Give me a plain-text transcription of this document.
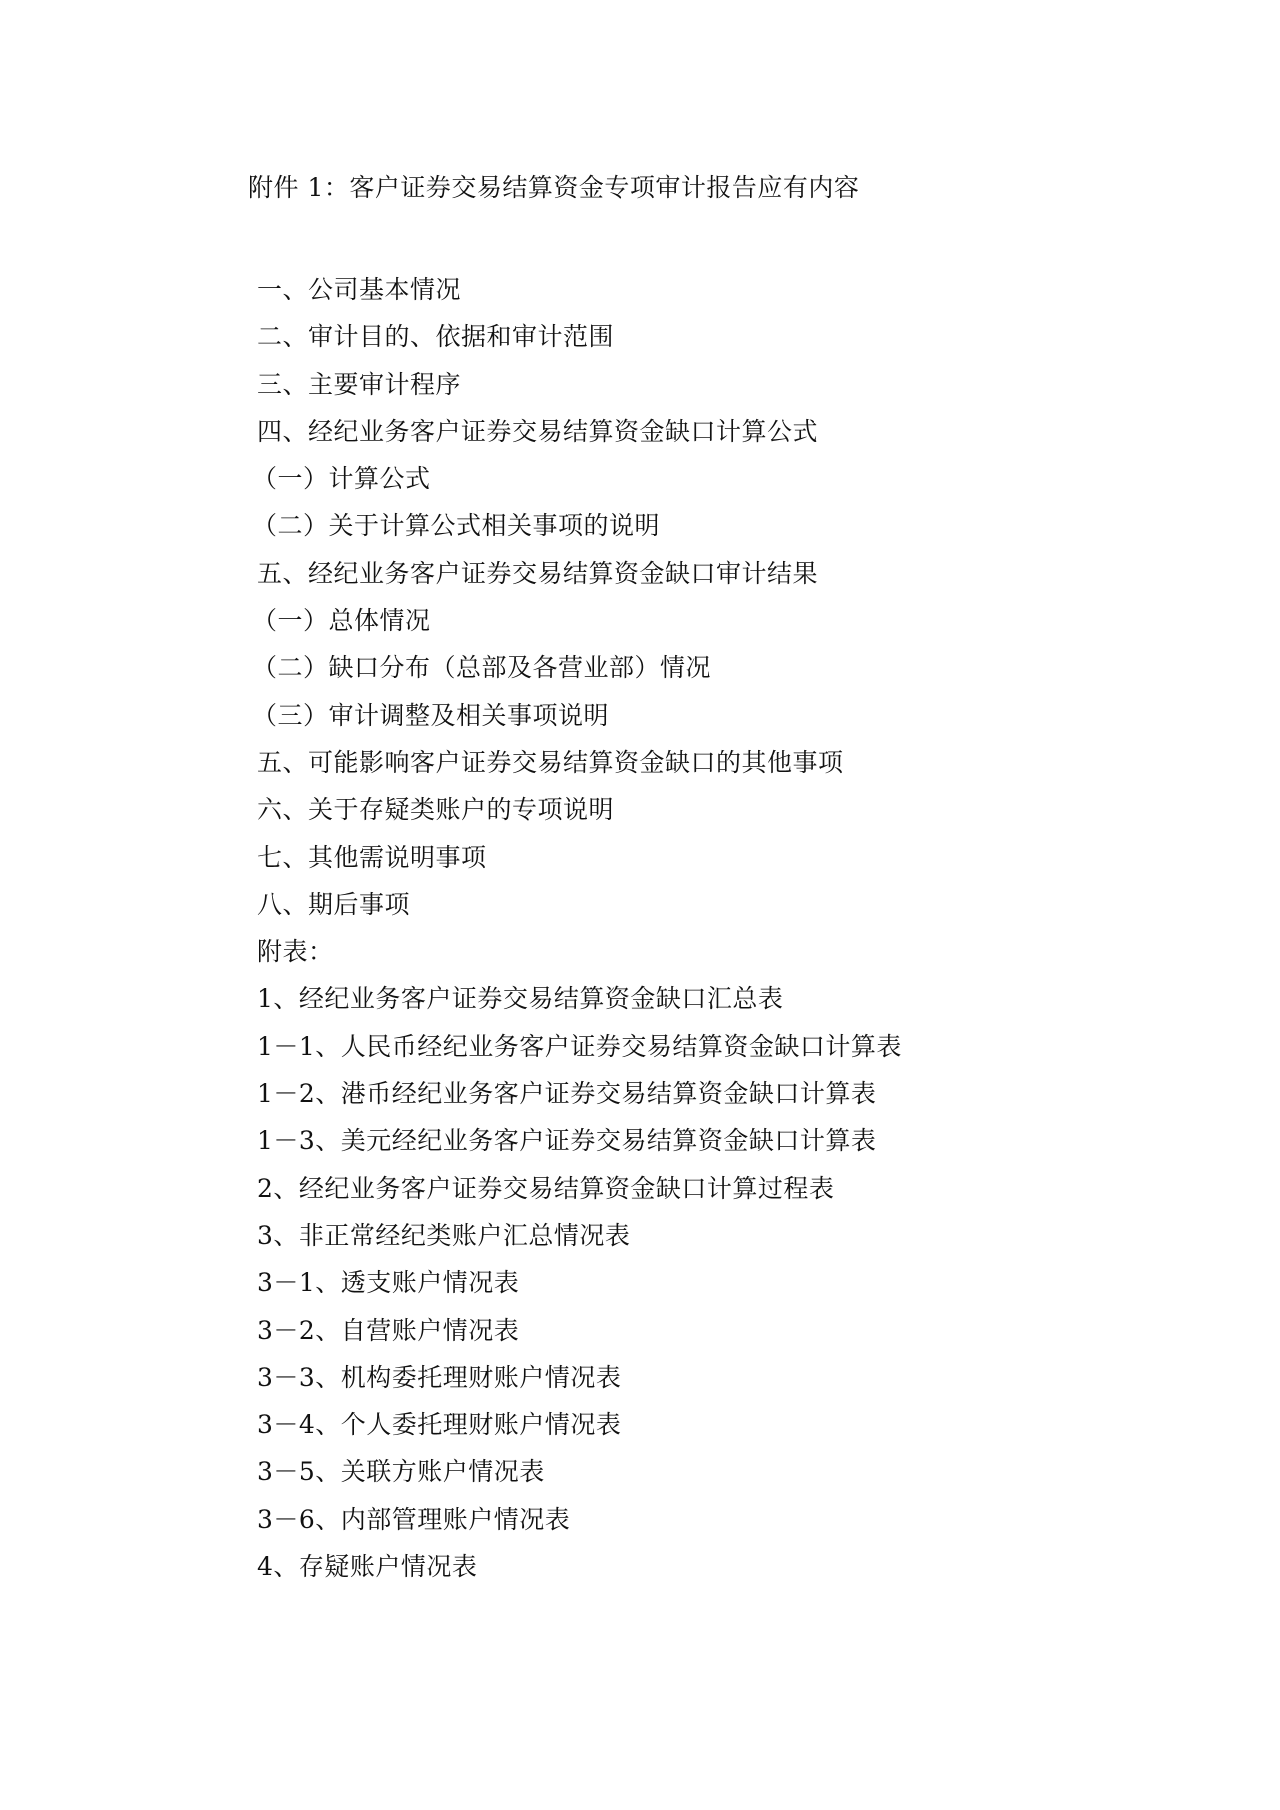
附件 1：客户证券交易结算资金专项审计报告应有内容
一、公司基本情况
二、审计目的、依据和审计范围
三、主要审计程序
四、经纪业务客户证券交易结算资金缺口计算公式
（一）计算公式
（二）关于计算公式相关事项的说明
五、经纪业务客户证券交易结算资金缺口审计结果
（一）总体情况
（二）缺口分布（总部及各营业部）情况
（三）审计调整及相关事项说明
五、可能影响客户证券交易结算资金缺口的其他事项
六、关于存疑类账户的专项说明
七、其他需说明事项
八、期后事项
附表：
1、经纪业务客户证券交易结算资金缺口汇总表
1－1、人民币经纪业务客户证券交易结算资金缺口计算表
1－2、港币经纪业务客户证券交易结算资金缺口计算表
1－3、美元经纪业务客户证券交易结算资金缺口计算表
2、经纪业务客户证券交易结算资金缺口计算过程表
3、非正常经纪类账户汇总情况表
3－1、透支账户情况表
3－2、自营账户情况表
3－3、机构委托理财账户情况表
3－4、个人委托理财账户情况表
3－5、关联方账户情况表
3－6、内部管理账户情况表
4、存疑账户情况表
